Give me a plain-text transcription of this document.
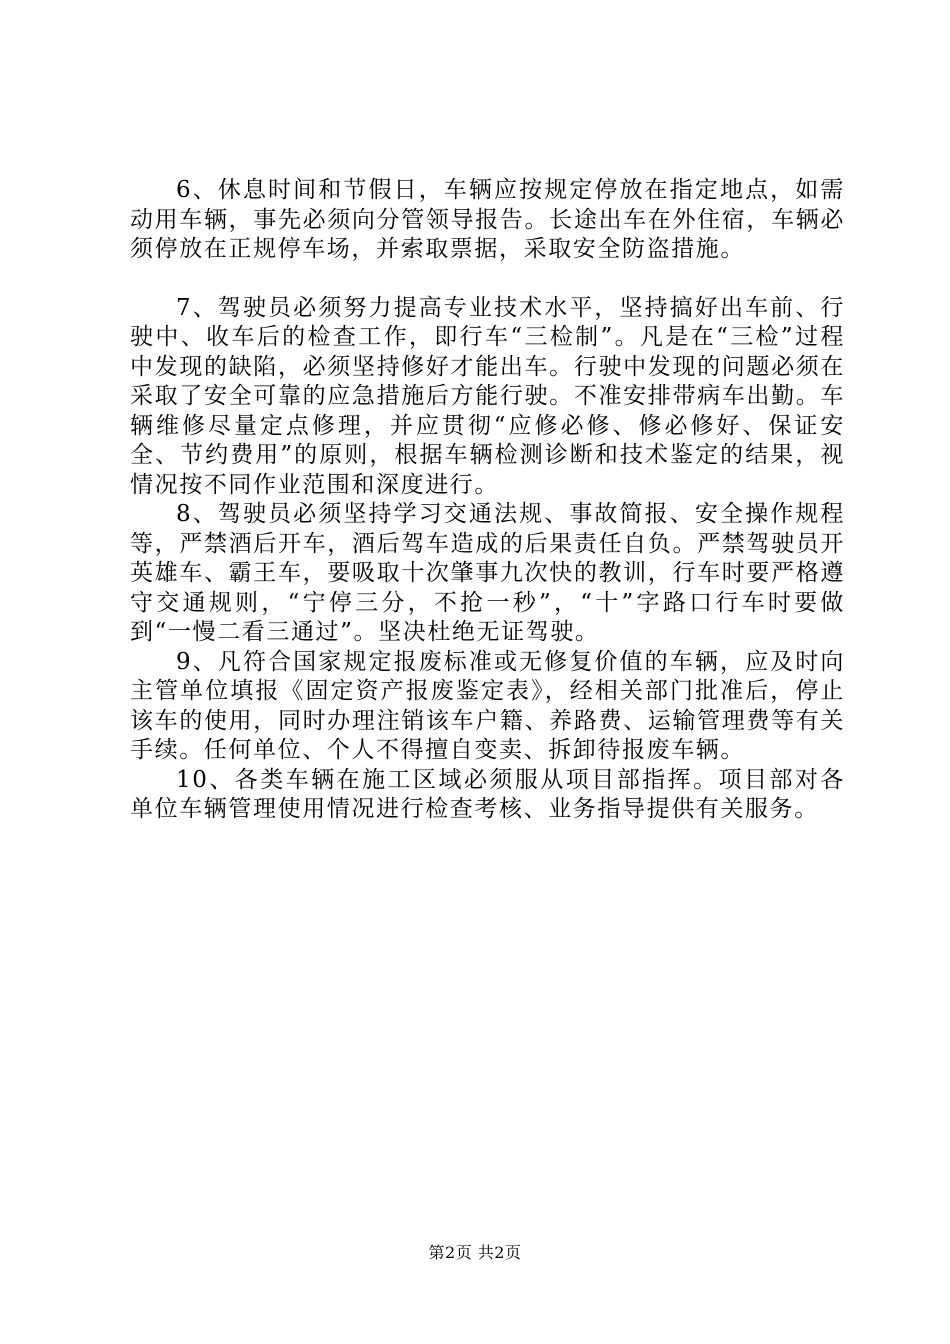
6、休息时间和节假日，车辆应按规定停放在指定地点，如需动用车辆，事先必须向分管领导报告。长途出车在外住宿，车辆必须停放在正规停车场，并索取票据，采取安全防盗措施。

7、驾驶员必须努力提高专业技术水平，坚持搞好出车前、行驶中、收车后的检查工作，即行车“三检制”。凡是在“三检”过程中发现的缺陷，必须坚持修好才能出车。行驶中发现的问题必须在采取了安全可靠的应急措施后方能行驶。不准安排带病车出勤。车辆维修尽量定点修理，并应贯彻“应修必修、修必修好、保证安全、节约费用”的原则，根据车辆检测诊断和技术鉴定的结果，视情况按不同作业范围和深度进行。

8、驾驶员必须坚持学习交通法规、事故简报、安全操作规程等，严禁酒后开车，酒后驾车造成的后果责任自负。严禁驾驶员开英雄车、霸王车，要吸取十次肇事九次快的教训，行车时要严格遵守交通规则，“宁停三分，不抢一秒”，“十”字路口行车时要做到“一慢二看三通过”。坚决杜绝无证驾驶。

9、凡符合国家规定报废标准或无修复价值的车辆，应及时向主管单位填报《固定资产报废鉴定表》，经相关部门批准后，停止该车的使用，同时办理注销该车户籍、养路费、运输管理费等有关手续。任何单位、个人不得擅自变卖、拆卸待报废车辆。

10、各类车辆在施工区域必须服从项目部指挥。项目部对各单位车辆管理使用情况进行检查考核、业务指导提供有关服务。

第2页 共2页
